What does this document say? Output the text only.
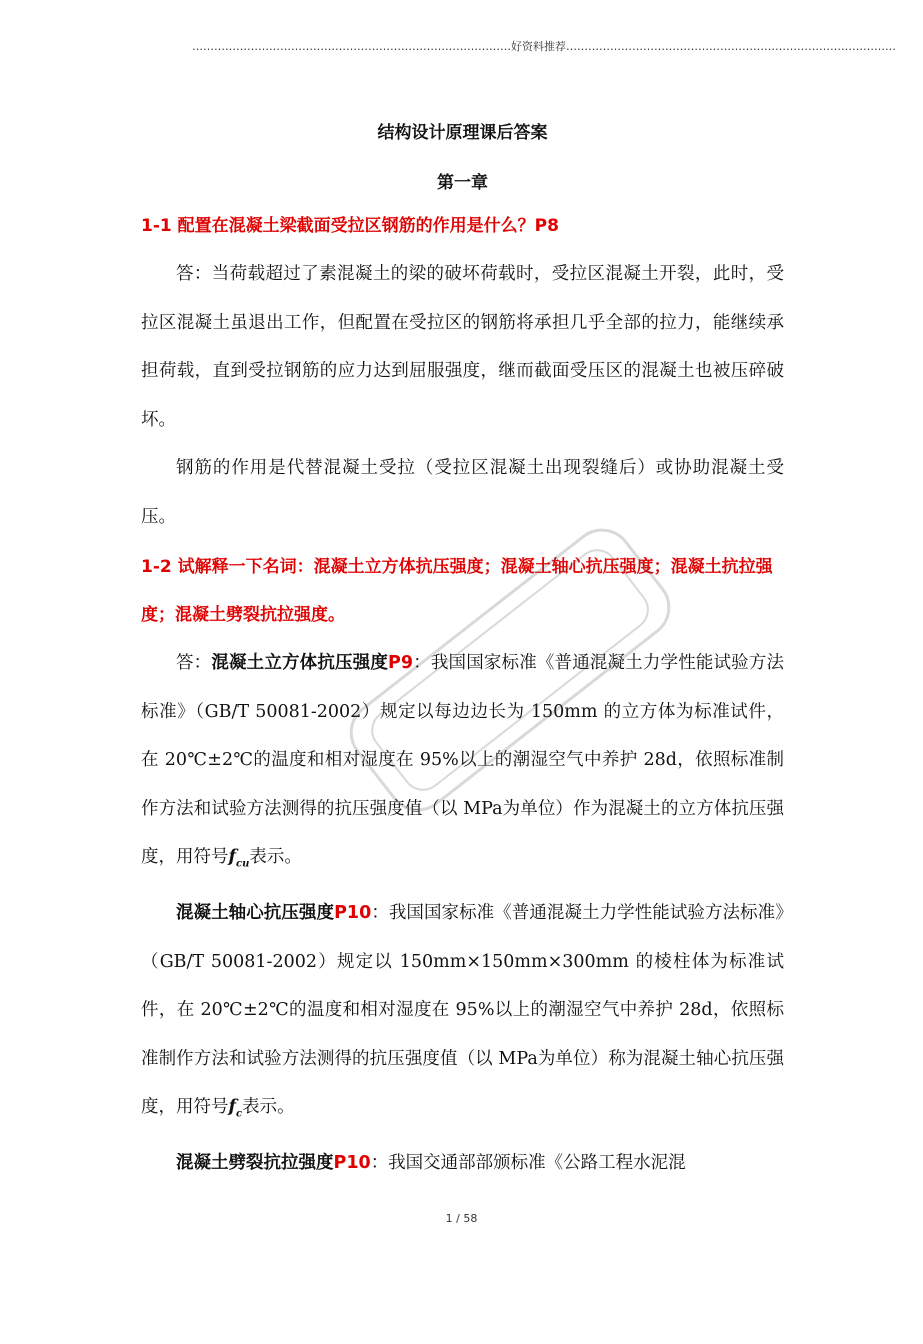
……………………………………………………………………………好资料推荐………………………………………………………………………………

结构设计原理课后答案

第一章

1-1 配置在混凝土梁截面受拉区钢筋的作用是什么？P8

答：当荷载超过了素混凝土的梁的破坏荷载时，受拉区混凝土开裂，此时，受拉区混凝土虽退出工作，但配置在受拉区的钢筋将承担几乎全部的拉力，能继续承担荷载，直到受拉钢筋的应力达到屈服强度，继而截面受压区的混凝土也被压碎破坏。

钢筋的作用是代替混凝土受拉（受拉区混凝土出现裂缝后）或协助混凝土受压。

1-2 试解释一下名词：混凝土立方体抗压强度；混凝土轴心抗压强度；混凝土抗拉强度；混凝土劈裂抗拉强度。

答：混凝土立方体抗压强度P9：我国国家标准《普通混凝土力学性能试验方法标准》（GB/T 50081-2002）规定以每边边长为 150mm 的立方体为标准试件，在 20℃±2℃的温度和相对湿度在 95%以上的潮湿空气中养护 28d，依照标准制作方法和试验方法测得的抗压强度值（以 MPa为单位）作为混凝土的立方体抗压强度，用符号$f_{cu}$表示。

混凝土轴心抗压强度P10：我国国家标准《普通混凝土力学性能试验方法标准》（GB/T 50081-2002）规定以 150mm×150mm×300mm 的棱柱体为标准试件，在 20℃±2℃的温度和相对湿度在 95%以上的潮湿空气中养护 28d，依照标准制作方法和试验方法测得的抗压强度值（以 MPa为单位）称为混凝土轴心抗压强度，用符号$f_c$表示。

混凝土劈裂抗拉强度P10：我国交通部部颁标准《公路工程水泥混

1 / 58
